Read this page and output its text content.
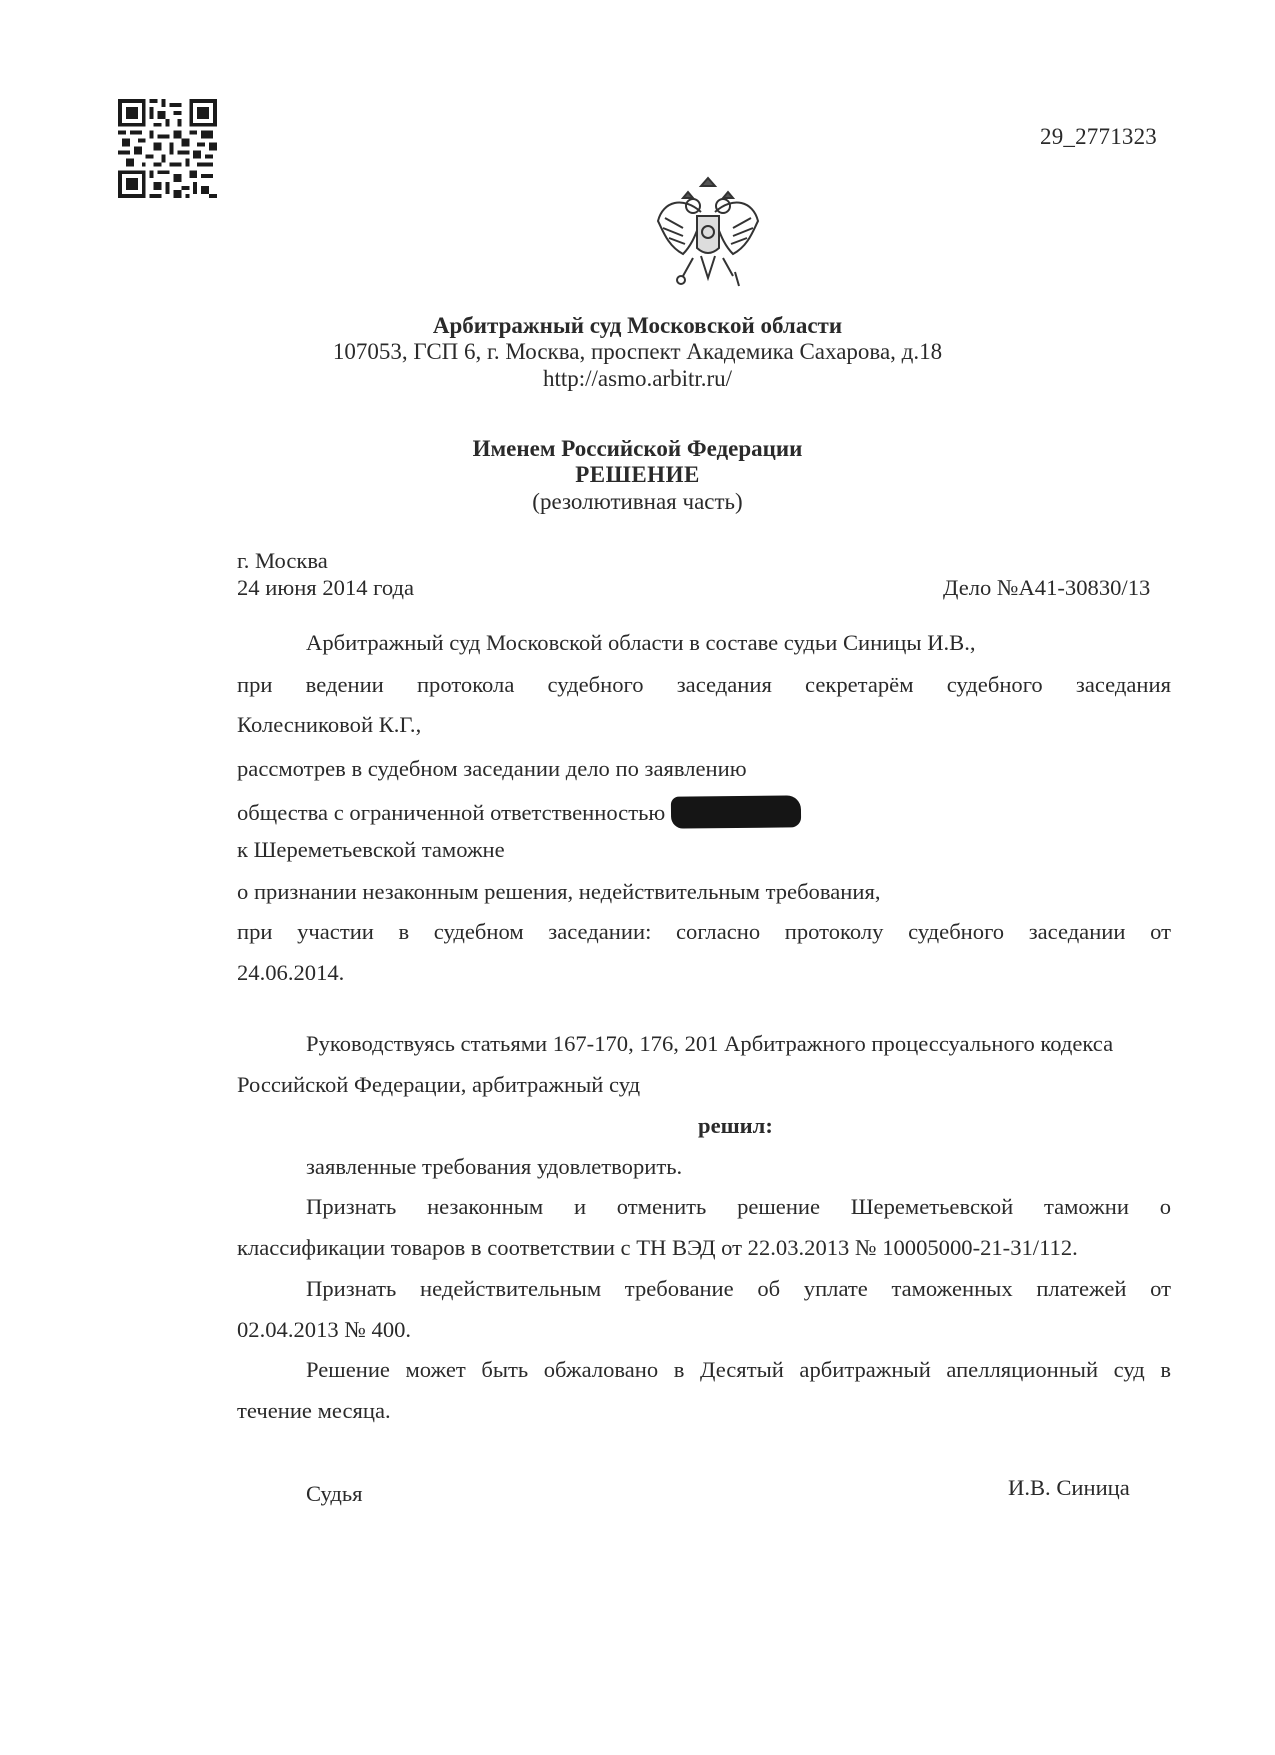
29_2771323
Арбитражный суд Московской области
107053, ГСП 6, г. Москва, проспект Академика Сахарова, д.18
http://asmo.arbitr.ru/
Именем Российской Федерации
РЕШЕНИЕ
(резолютивная часть)
г. Москва
24 июня 2014 года	Дело №А41-30830/13
Арбитражный суд Московской области в составе судьи Синицы И.В.,
при ведении протокола судебного заседания секретарём судебного заседания
Колесниковой К.Г.,
рассмотрев в судебном заседании дело по заявлению
общества с ограниченной ответственностью
к Шереметьевской таможне
о признании незаконным решения, недействительным требования,
при участии в судебном заседании: согласно протоколу судебного заседании от
24.06.2014.
Руководствуясь статьями 167-170, 176, 201 Арбитражного процессуального кодекса
Российской Федерации, арбитражный суд
решил:
заявленные требования удовлетворить.
Признать незаконным и отменить решение Шереметьевской таможни о
классификации товаров в соответствии с ТН ВЭД от 22.03.2013 № 10005000-21-31/112.
Признать недействительным требование об уплате таможенных платежей от
02.04.2013 № 400.
Решение может быть обжаловано в Десятый арбитражный апелляционный суд в
течение месяца.
Судья	И.В. Синица
